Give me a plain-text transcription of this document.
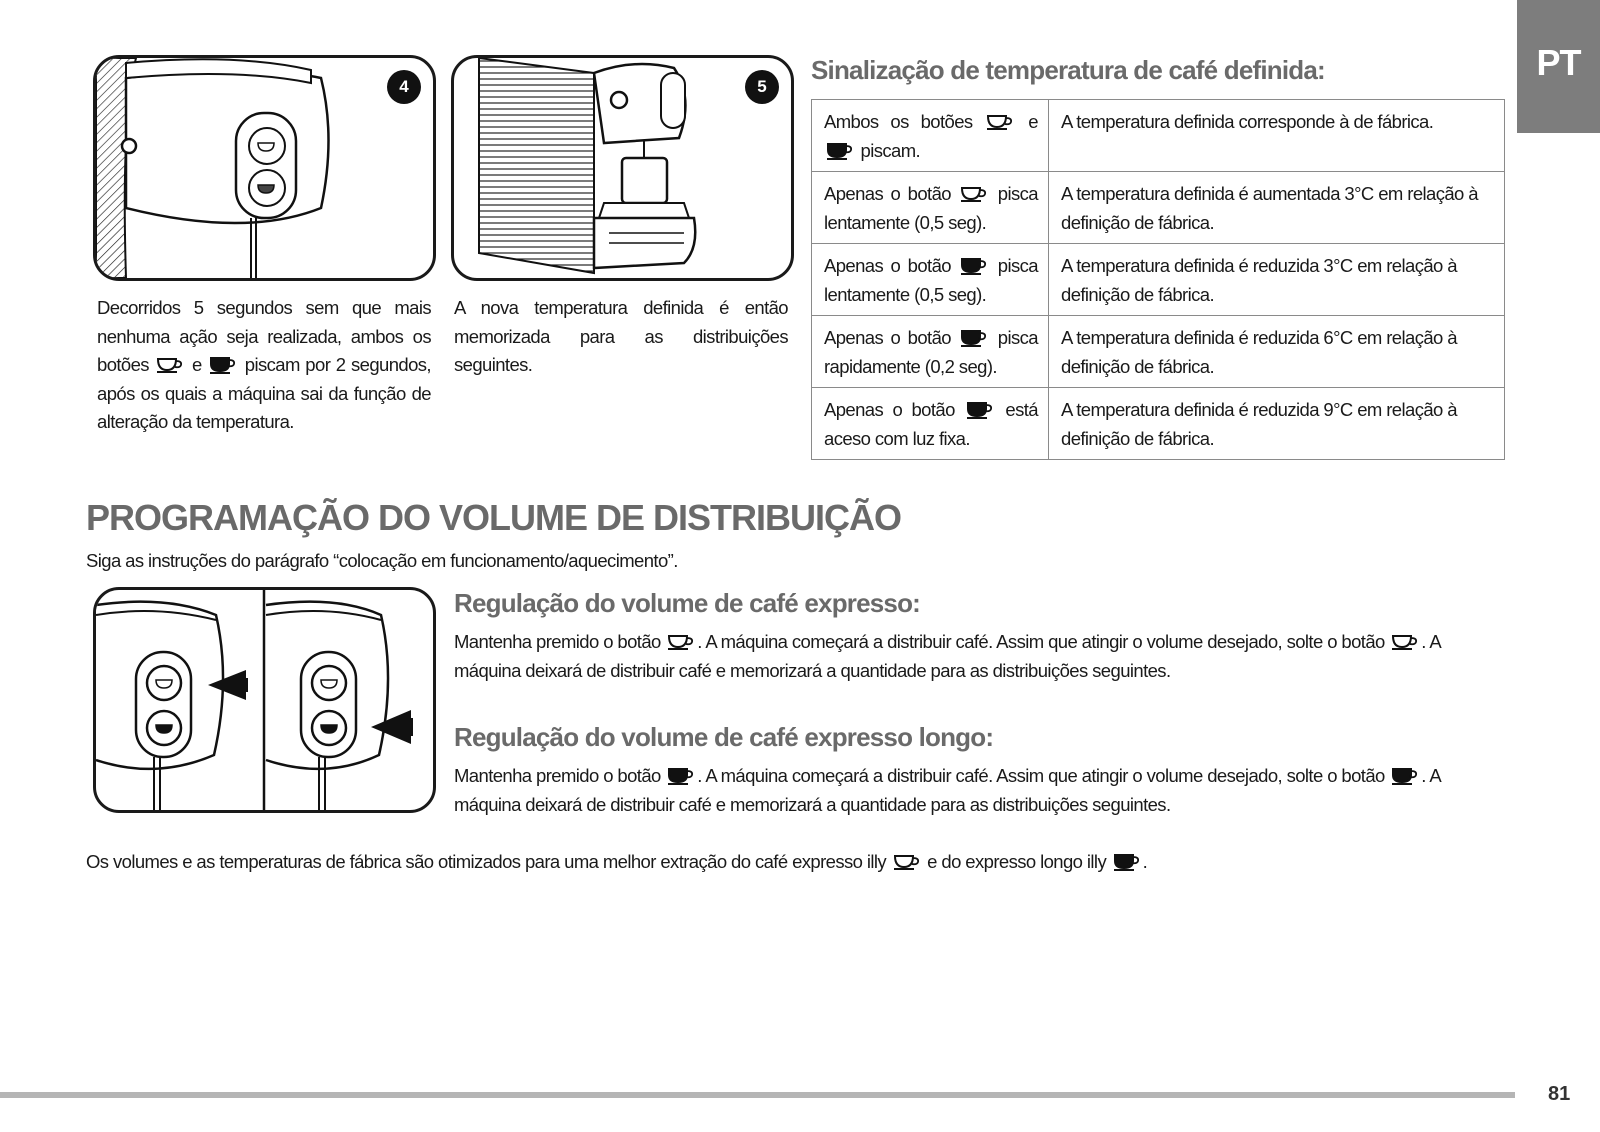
PT
4	5
Decorridos 5 segundos sem que mais nenhuma ação seja realizada, ambos os botões e piscam por 2 segundos, após os quais a máquina sai da função de alteração da temperatura.
A nova temperatura definida é então memorizada para as distribuições seguintes.
Sinalização de temperatura de café definida:
Ambos os botões e  piscam.	A temperatura definida corresponde à de fábrica.
Apenas o botão pisca lentamente (0,5 seg).	A temperatura definida é aumentada 3°C em relação à definição de fábrica.
Apenas o botão pisca lentamente (0,5 seg).	A temperatura definida é reduzida 3°C em relação à definição de fábrica.
Apenas o botão pisca rapidamente (0,2 seg).	A temperatura definida é reduzida 6°C em relação à definição de fábrica.
Apenas o botão está aceso com luz fixa.	A temperatura definida é reduzida 9°C em relação à definição de fábrica.
PROGRAMAÇÃO DO VOLUME DE DISTRIBUIÇÃO
Siga as instruções do parágrafo “colocação em funcionamento/aquecimento”.
Regulação do volume de café expresso:
Mantenha premido o botão . A máquina começará a distribuir café. Assim que atingir o volume desejado, solte o botão . A máquina deixará de distribuir café e memorizará a quantidade para as distribuições seguintes.
Regulação do volume de café expresso longo:
Mantenha premido o botão . A máquina começará a distribuir café. Assim que atingir o volume desejado, solte o botão . A máquina deixará de distribuir café e memorizará a quantidade para as distribuições seguintes.
Os volumes e as temperaturas de fábrica são otimizados para uma melhor extração do café expresso illy e do expresso longo illy .
81
